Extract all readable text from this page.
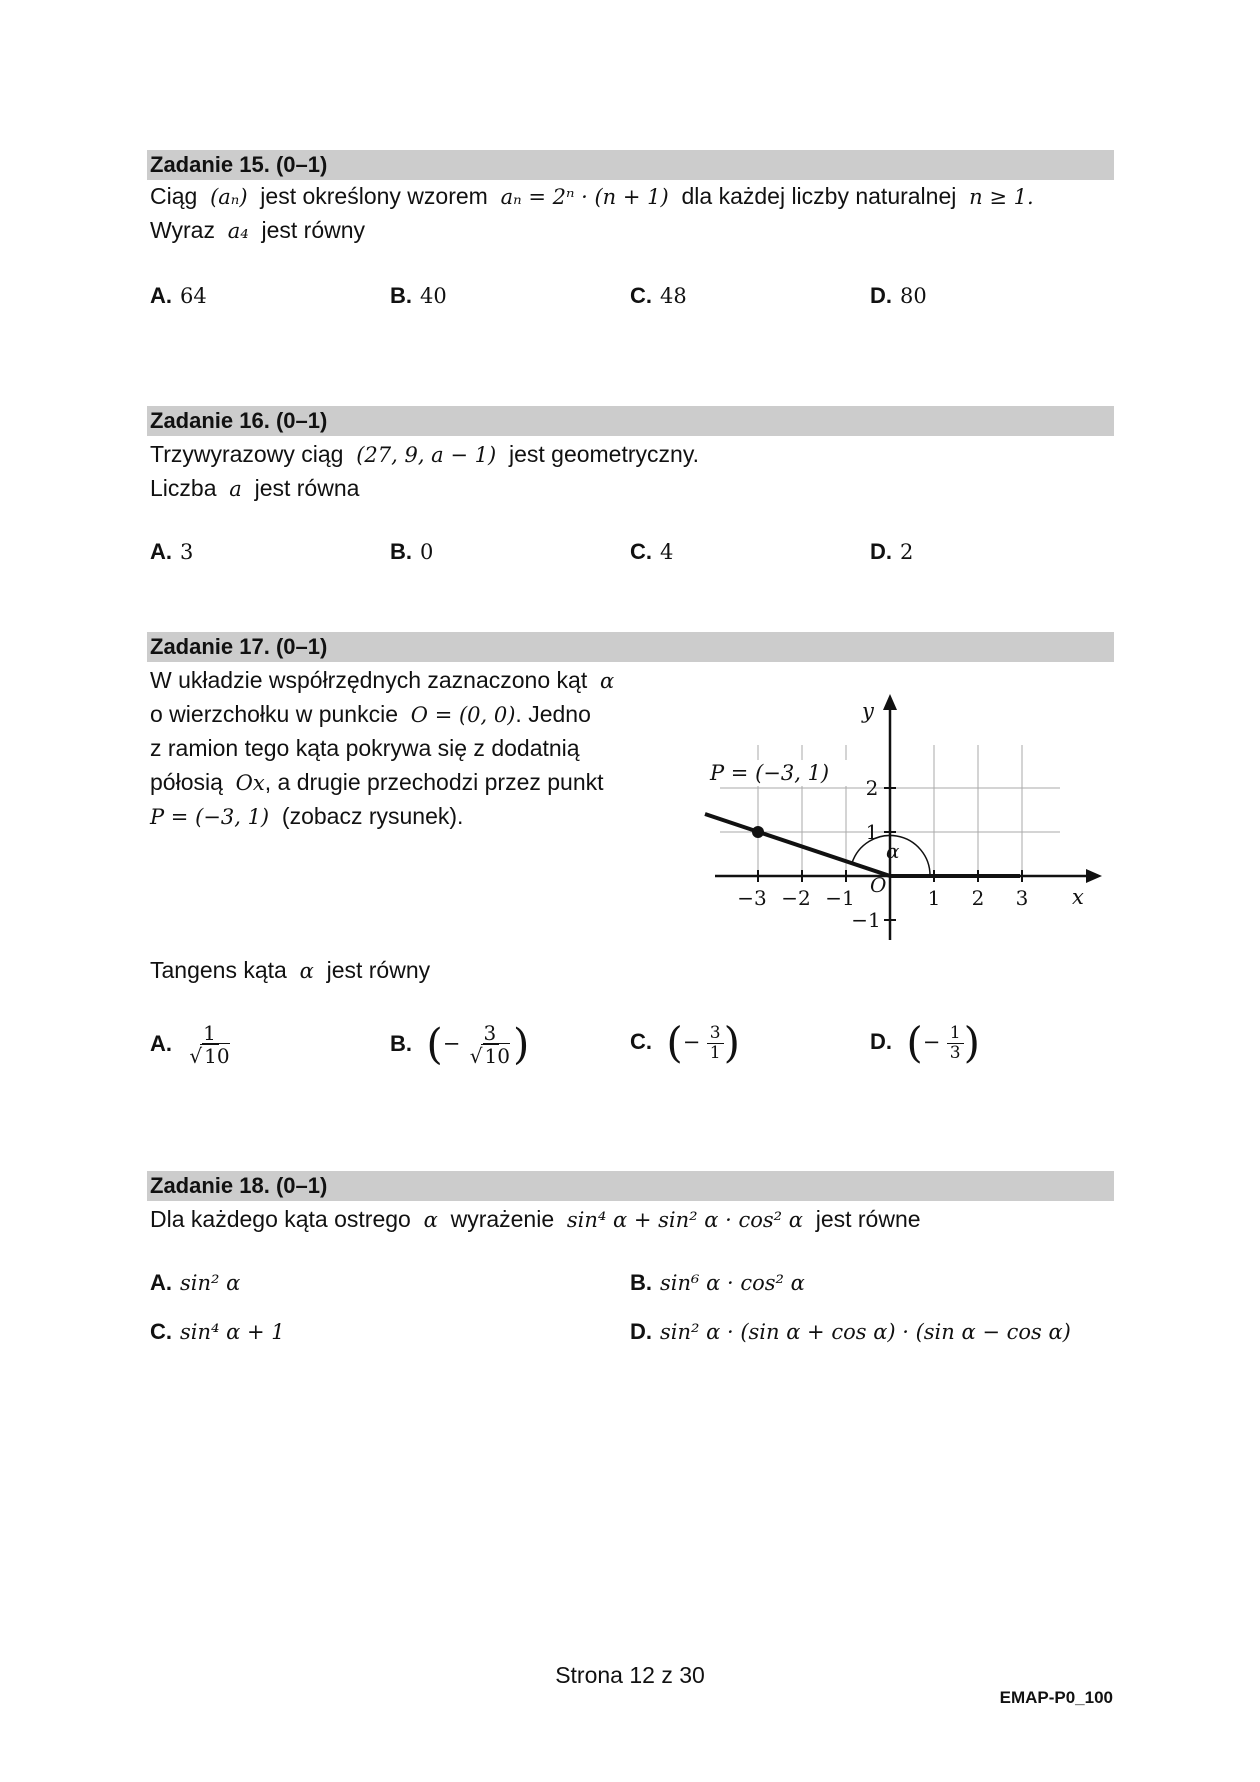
Zadanie 15. (0–1)
Ciąg (aₙ) jest określony wzorem aₙ = 2ⁿ · (n + 1) dla każdej liczby naturalnej n ≥ 1.
Wyraz a₄ jest równy
A. 64	B. 40	C. 48	D. 80
Zadanie 16. (0–1)
Trzywyrazowy ciąg (27, 9, a − 1) jest geometryczny.
Liczba a jest równa
A. 3	B. 0	C. 4	D. 2
Zadanie 17. (0–1)
W układzie współrzędnych zaznaczono kąt α
o wierzchołku w punkcie O = (0, 0). Jedno
z ramion tego kąta pokrywa się z dodatnią
półosią Ox, a drugie przechodzi przez punkt
P = (−3, 1) (zobacz rysunek).
Tangens kąta α jest równy
A. $\frac{1}{√ 10}$	B. (− $\frac{3}{√ 10}$ )	C. (− $\frac{3}{1}$ )	D. (− $\frac{1}{3}$ )
P = (−3, 1)
y
x
O
α
−3 −2 −1	1 2 3
2
1
−1
Zadanie 18. (0–1)
Dla każdego kąta ostrego α wyrażenie sin⁴ α + sin² α · cos² α jest równe
A. sin² α	B. sin⁶ α · cos² α
C. sin⁴ α + 1	D. sin² α · (sin α + cos α) · (sin α − cos α)
Strona 12 z 30
EMAP-P0_100
